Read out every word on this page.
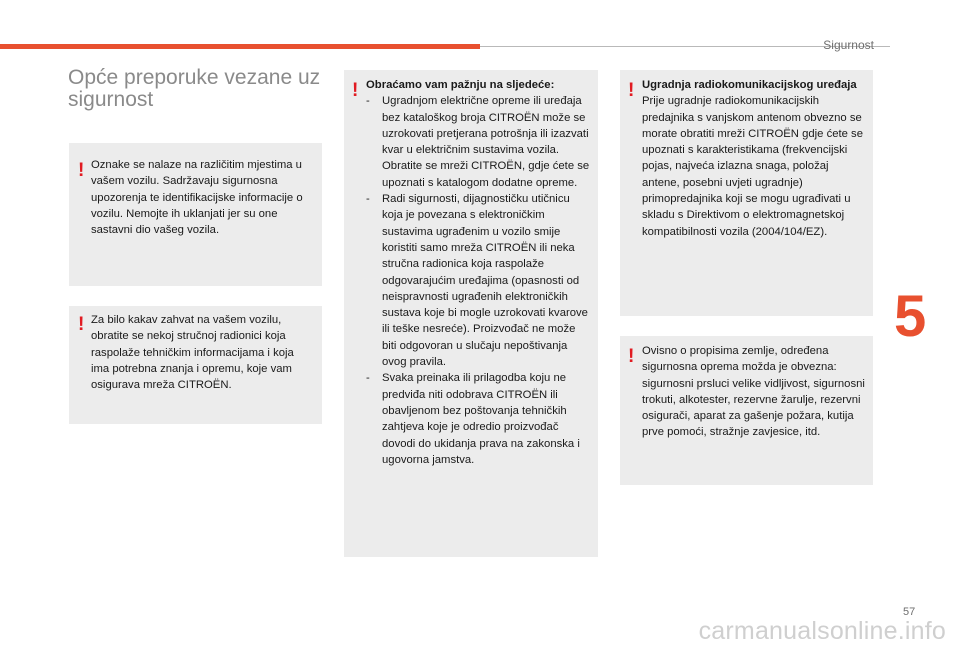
Sigurnost
5
Opće preporuke vezane uz sigurnost
! Oznake se nalaze na različitim mjestima u vašem vozilu. Sadržavaju sigurnosna upozorenja te identifikacijske informacije o vozilu. Nemojte ih uklanjati jer su one sastavni dio vašeg vozila.

! Za bilo kakav zahvat na vašem vozilu, obratite se nekoj stručnoj radionici koja raspolaže tehničkim informacijama i koja ima potrebna znanja i opremu, koje vam osigurava mreža CITROËN.

! Obraćamo vam pažnju na sljedeće:

- Ugradnjom električne opreme ili uređaja bez kataloškog broja CITROËN može se uzrokovati pretjerana potrošnja ili izazvati kvar u električnim sustavima vozila. Obratite se mreži CITROËN, gdje ćete se upoznati s katalogom dodatne opreme.
- Radi sigurnosti, dijagnostičku utičnicu koja je povezana s elektroničkim sustavima ugrađenim u vozilo smije koristiti samo mreža CITROËN ili neka stručna radionica koja raspolaže odgovarajućim uređajima (opasnosti od neispravnosti ugrađenih elektroničkih sustava koje bi mogle uzrokovati kvarove ili teške nesreće). Proizvođač ne može biti odgovoran u slučaju nepoštivanja ovog pravila.
- Svaka preinaka ili prilagodba koju ne predviđa niti odobrava CITROËN ili obavljenom bez poštovanja tehničkih zahtjeva koje je odredio proizvođač dovodi do ukidanja prava na zakonska i ugovorna jamstva.
! Ugradnja radiokomunikacijskog uređaja

Prije ugradnje radiokomunikacijskih predajnika s vanjskom antenom obvezno se morate obratiti mreži CITROËN gdje ćete se upoznati s karakteristikama (frekvencijski pojas, najveća izlazna snaga, položaj antene, posebni uvjeti ugradnje) primopredajnika koji se mogu ugrađivati u skladu s Direktivom o elektromagnetskoj kompatibilnosti vozila (2004/104/EZ).

! Ovisno o propisima zemlje, određena sigurnosna oprema možda je obvezna: sigurnosni prsluci velike vidljivost, sigurnosni trokuti, alkotester, rezervne žarulje, rezervni osigurači, aparat za gašenje požara, kutija prve pomoći, stražnje zavjesice, itd.

57
carmanualsonline.info
